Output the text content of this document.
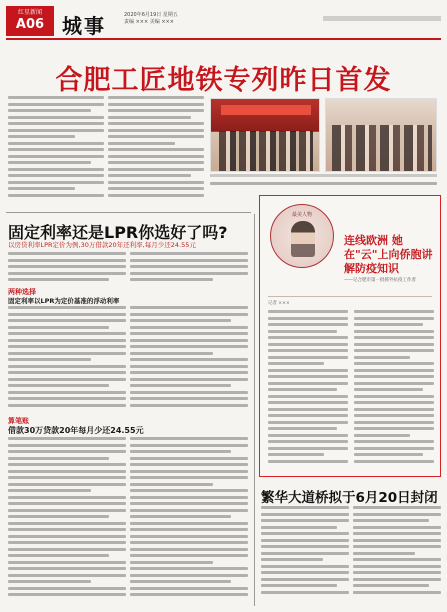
红星新闻
A06 城事	2020年6月19日 星期五
责编 ××× 美编 ×××
合肥工匠地铁专列昨日首发
固定利率还是LPR你选好了吗?
以房贷利率LPR定价为例,30万借款20年还利率,每月少还24.55元
两种选择
固定利率以LPR为定价基准的浮动利率
算笔账
借款30万贷款20年每月少还24.55元
最美人物
连线欧洲 她在"云"上向侨胞讲解防疫知识
——记合肥市第一批援外抗疫工作者
记者 ×××
繁华大道桥拟于6月20日封闭
